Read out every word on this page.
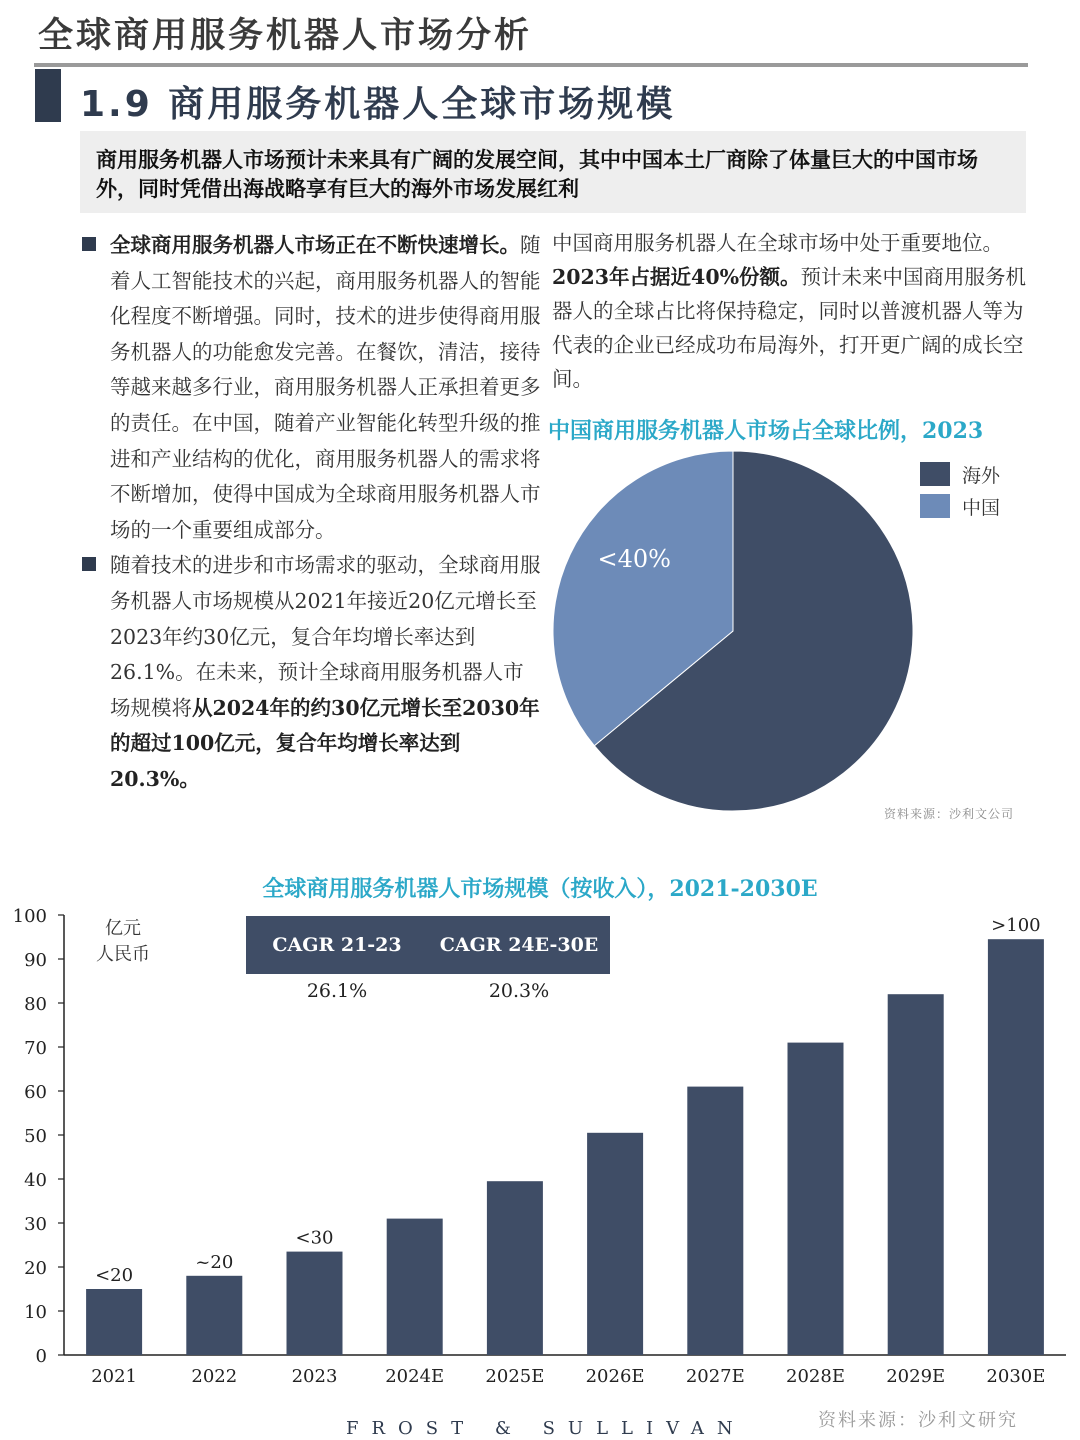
全球商用服务机器人市场分析
1.9 商用服务机器人全球市场规模
商用服务机器人市场预计未来具有广阔的发展空间，其中中国本土厂商除了体量巨大的中国市场外，同时凭借出海战略享有巨大的海外市场发展红利
全球商用服务机器人市场正在不断快速增长。随着人工智能技术的兴起，商用服务机器人的智能化程度不断增强。同时，技术的进步使得商用服务机器人的功能愈发完善。在餐饮，清洁，接待等越来越多行业，商用服务机器人正承担着更多的责任。在中国，随着产业智能化转型升级的推进和产业结构的优化，商用服务机器人的需求将不断增加，使得中国成为全球商用服务机器人市场的一个重要组成部分。
随着技术的进步和市场需求的驱动，全球商用服务机器人市场规模从2021年接近20亿元增长至2023年约30亿元，复合年均增长率达到26.1%。在未来，预计全球商用服务机器人市场规模将从2024年的约30亿元增长至2030年的超过100亿元，复合年均增长率达到20.3%。
中国商用服务机器人在全球市场中处于重要地位。2023年占据近40%份额。预计未来中国商用服务机器人的全球占比将保持稳定，同时以普渡机器人等为代表的企业已经成功布局海外，打开更广阔的成长空间。
中国商用服务机器人市场占全球比例，2023
<40%
海外
中国
资料来源：沙利文公司
全球商用服务机器人市场规模（按收入），2021-2030E
0
10
20
30
40
50
60
70
80
90
100
2021
<20
2022
~20
2023
<30
2024E 2025E 2026E 2027E 2028E 2029E 2030E
>100
亿元
人民币	CAGR 21-23	CAGR 24E-30E
26.1%	20.3%
FROST & SULLIVAN	资料来源：沙利文研究
